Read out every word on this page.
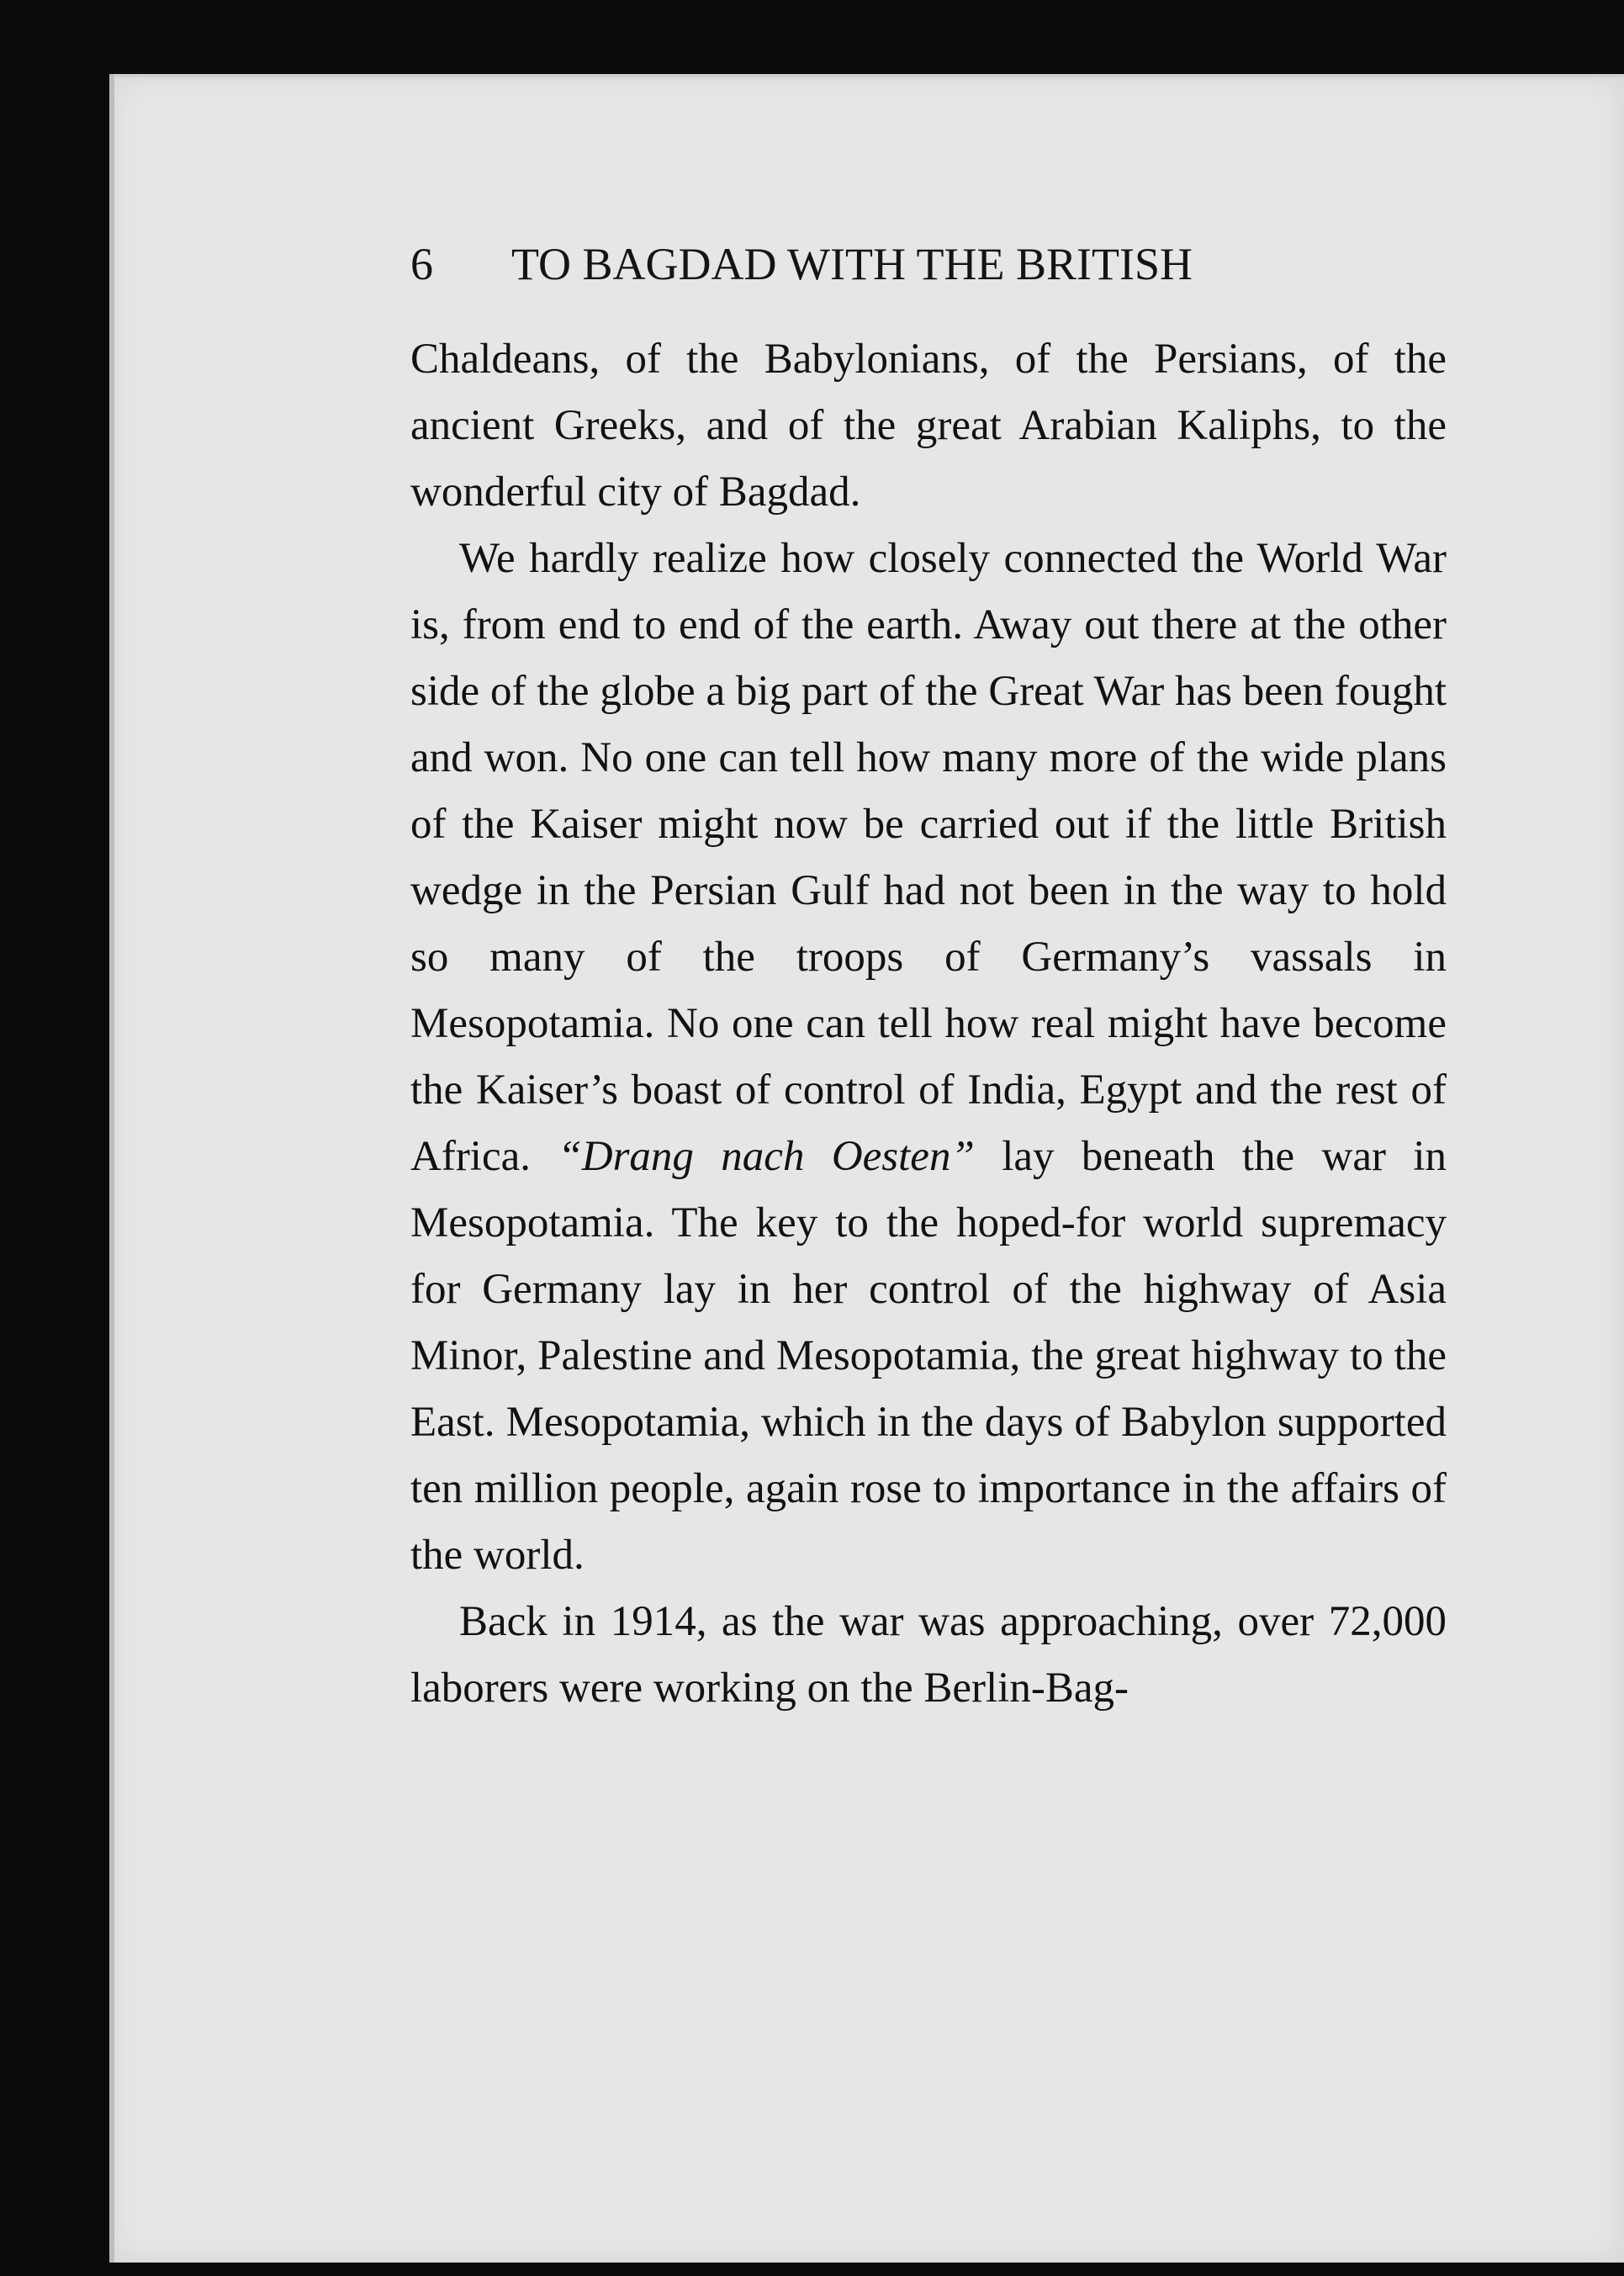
6 TO BAGDAD WITH THE BRITISH

Chaldeans, of the Babylonians, of the Persians, of the ancient Greeks, and of the great Arabian Kaliphs, to the wonderful city of Bagdad.

We hardly realize how closely connected the World War is, from end to end of the earth. Away out there at the other side of the globe a big part of the Great War has been fought and won. No one can tell how many more of the wide plans of the Kaiser might now be carried out if the little British wedge in the Persian Gulf had not been in the way to hold so many of the troops of Germany’s vassals in Mesopotamia. No one can tell how real might have become the Kaiser’s boast of control of India, Egypt and the rest of Africa. “Drang nach Oesten” lay beneath the war in Mesopotamia. The key to the hoped-for world supremacy for Germany lay in her control of the highway of Asia Minor, Palestine and Mesopotamia, the great highway to the East. Mesopotamia, which in the days of Babylon supported ten million people, again rose to importance in the affairs of the world.

Back in 1914, as the war was approaching, over 72,000 laborers were working on the Berlin-Bag-
